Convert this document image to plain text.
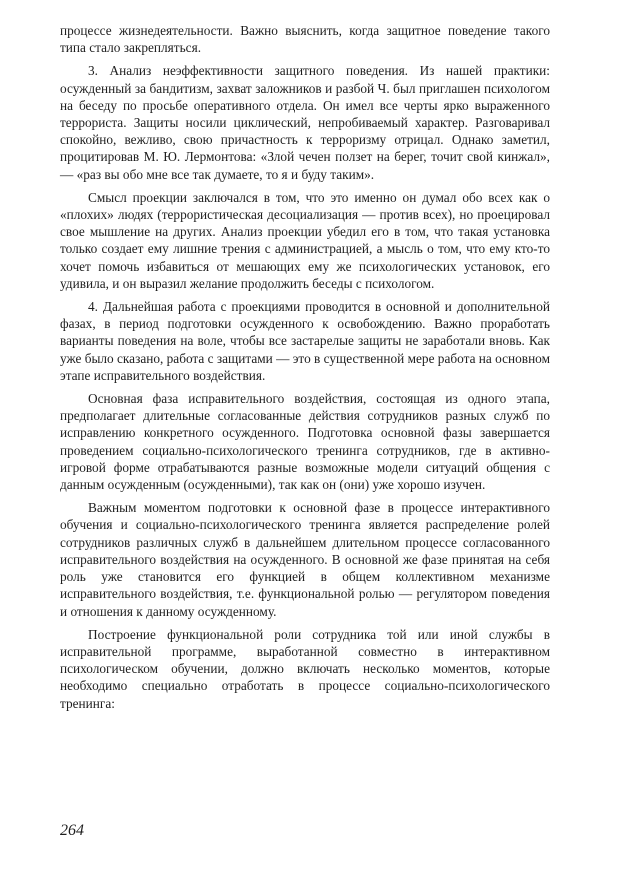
процессе жизнедеятельности. Важно выяснить, когда защитное поведение такого типа стало закрепляться.

3. Анализ неэффективности защитного поведения. Из нашей практики: осужденный за бандитизм, захват заложников и разбой Ч. был приглашен психологом на беседу по просьбе оперативного отдела. Он имел все черты ярко выраженного террориста. Защиты носили циклический, непробиваемый характер. Разговаривал спокойно, вежливо, свою причастность к терроризму отрицал. Однако заметил, процитировав М. Ю. Лермонтова: «Злой чечен ползет на берег, точит свой кинжал», — «раз вы обо мне все так думаете, то я и буду таким».

Смысл проекции заключался в том, что это именно он думал обо всех как о «плохих» людях (террористическая десоциализация — против всех), но проецировал свое мышление на других. Анализ проекции убедил его в том, что такая установка только создает ему лишние трения с администрацией, а мысль о том, что ему кто-то хочет помочь избавиться от мешающих ему же психологических установок, его удивила, и он выразил желание продолжить беседы с психологом.

4. Дальнейшая работа с проекциями проводится в основной и дополнительной фазах, в период подготовки осужденного к освобождению. Важно проработать варианты поведения на воле, чтобы все застарелые защиты не заработали вновь. Как уже было сказано, работа с защитами — это в существенной мере работа на основном этапе исправительного воздействия.

Основная фаза исправительного воздействия, состоящая из одного этапа, предполагает длительные согласованные действия сотрудников разных служб по исправлению конкретного осужденного. Подготовка основной фазы завершается проведением социально-психологического тренинга сотрудников, где в активно-игровой форме отрабатываются разные возможные модели ситуаций общения с данным осужденным (осужденными), так как он (они) уже хорошо изучен.

Важным моментом подготовки к основной фазе в процессе интерактивного обучения и социально-психологического тренинга является распределение ролей сотрудников различных служб в дальнейшем длительном процессе согласованного исправительного воздействия на осужденного. В основной же фазе принятая на себя роль уже становится его функцией в общем коллективном механизме исправительного воздействия, т.е. функциональной ролью — регулятором поведения и отношения к данному осужденному.

Построение функциональной роли сотрудника той или иной службы в исправительной программе, выработанной совместно в интерактивном психологическом обучении, должно включать несколько моментов, которые необходимо специально отработать в процессе социально-психологического тренинга:

264
